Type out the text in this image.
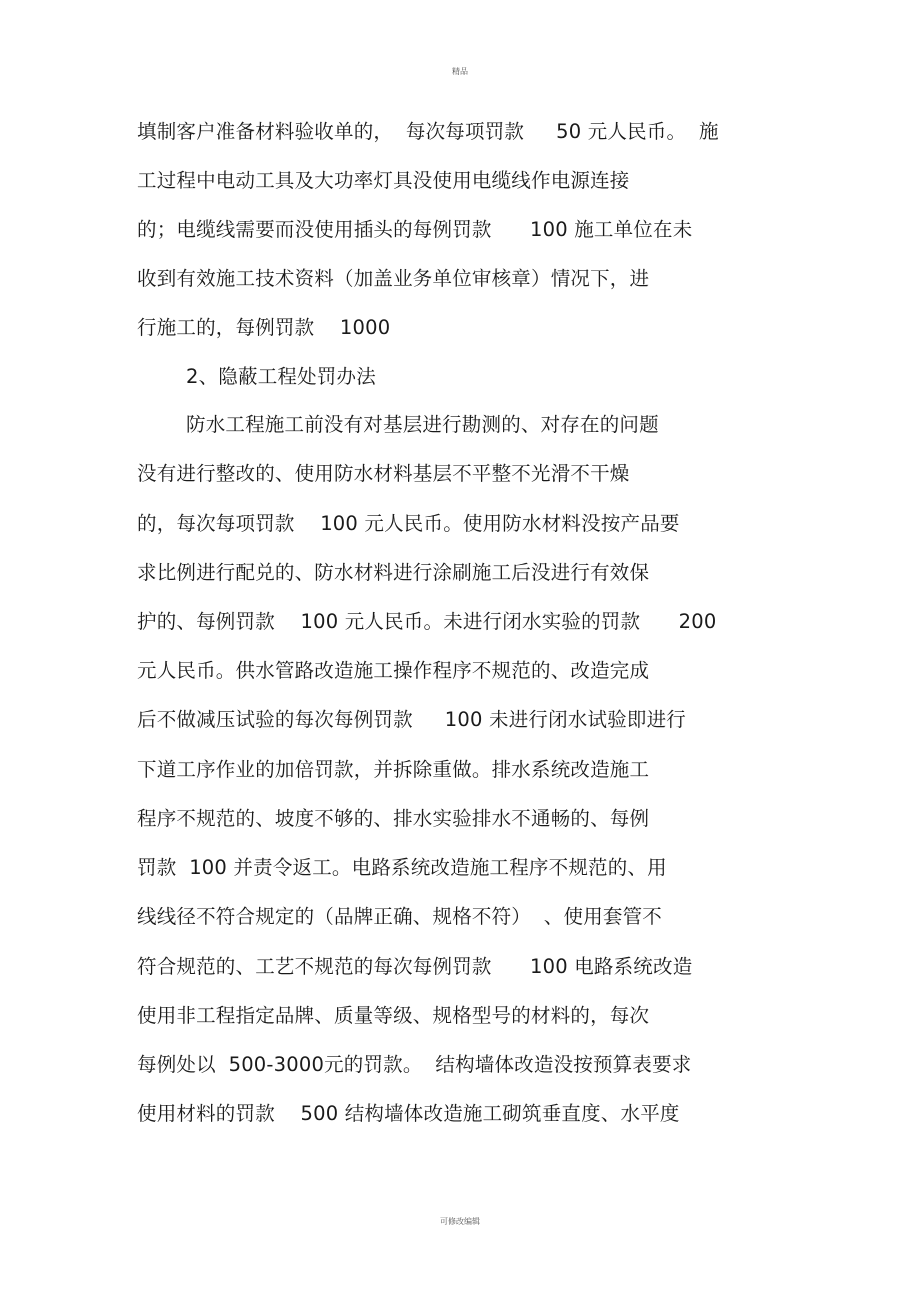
精品
填制客户准备材料验收单的，  每次每项罚款     50 元人民币。  施
工过程中电动工具及大功率灯具没使用电缆线作电源连接
的；电缆线需要而没使用插头的每例罚款      100 施工单位在未
收到有效施工技术资料（加盖业务单位审核章）情况下，进
行施工的，每例罚款    1000
2、隐蔽工程处罚办法
防水工程施工前没有对基层进行勘测的、对存在的问题
没有进行整改的、使用防水材料基层不平整不光滑不干燥
的，每次每项罚款    100 元人民币。使用防水材料没按产品要
求比例进行配兑的、防水材料进行涂刷施工后没进行有效保
护的、每例罚款    100 元人民币。未进行闭水实验的罚款      200
元人民币。供水管路改造施工操作程序不规范的、改造完成
后不做减压试验的每次每例罚款     100 未进行闭水试验即进行
下道工序作业的加倍罚款，并拆除重做。排水系统改造施工
程序不规范的、坡度不够的、排水实验排水不通畅的、每例
罚款  100 并责令返工。电路系统改造施工程序不规范的、用
线线径不符合规定的（品牌正确、规格不符）  、使用套管不
符合规范的、工艺不规范的每次每例罚款      100 电路系统改造
使用非工程指定品牌、质量等级、规格型号的材料的，每次
每例处以  500-3000元的罚款。  结构墙体改造没按预算表要求
使用材料的罚款    500 结构墙体改造施工砌筑垂直度、水平度
可修改编辑
